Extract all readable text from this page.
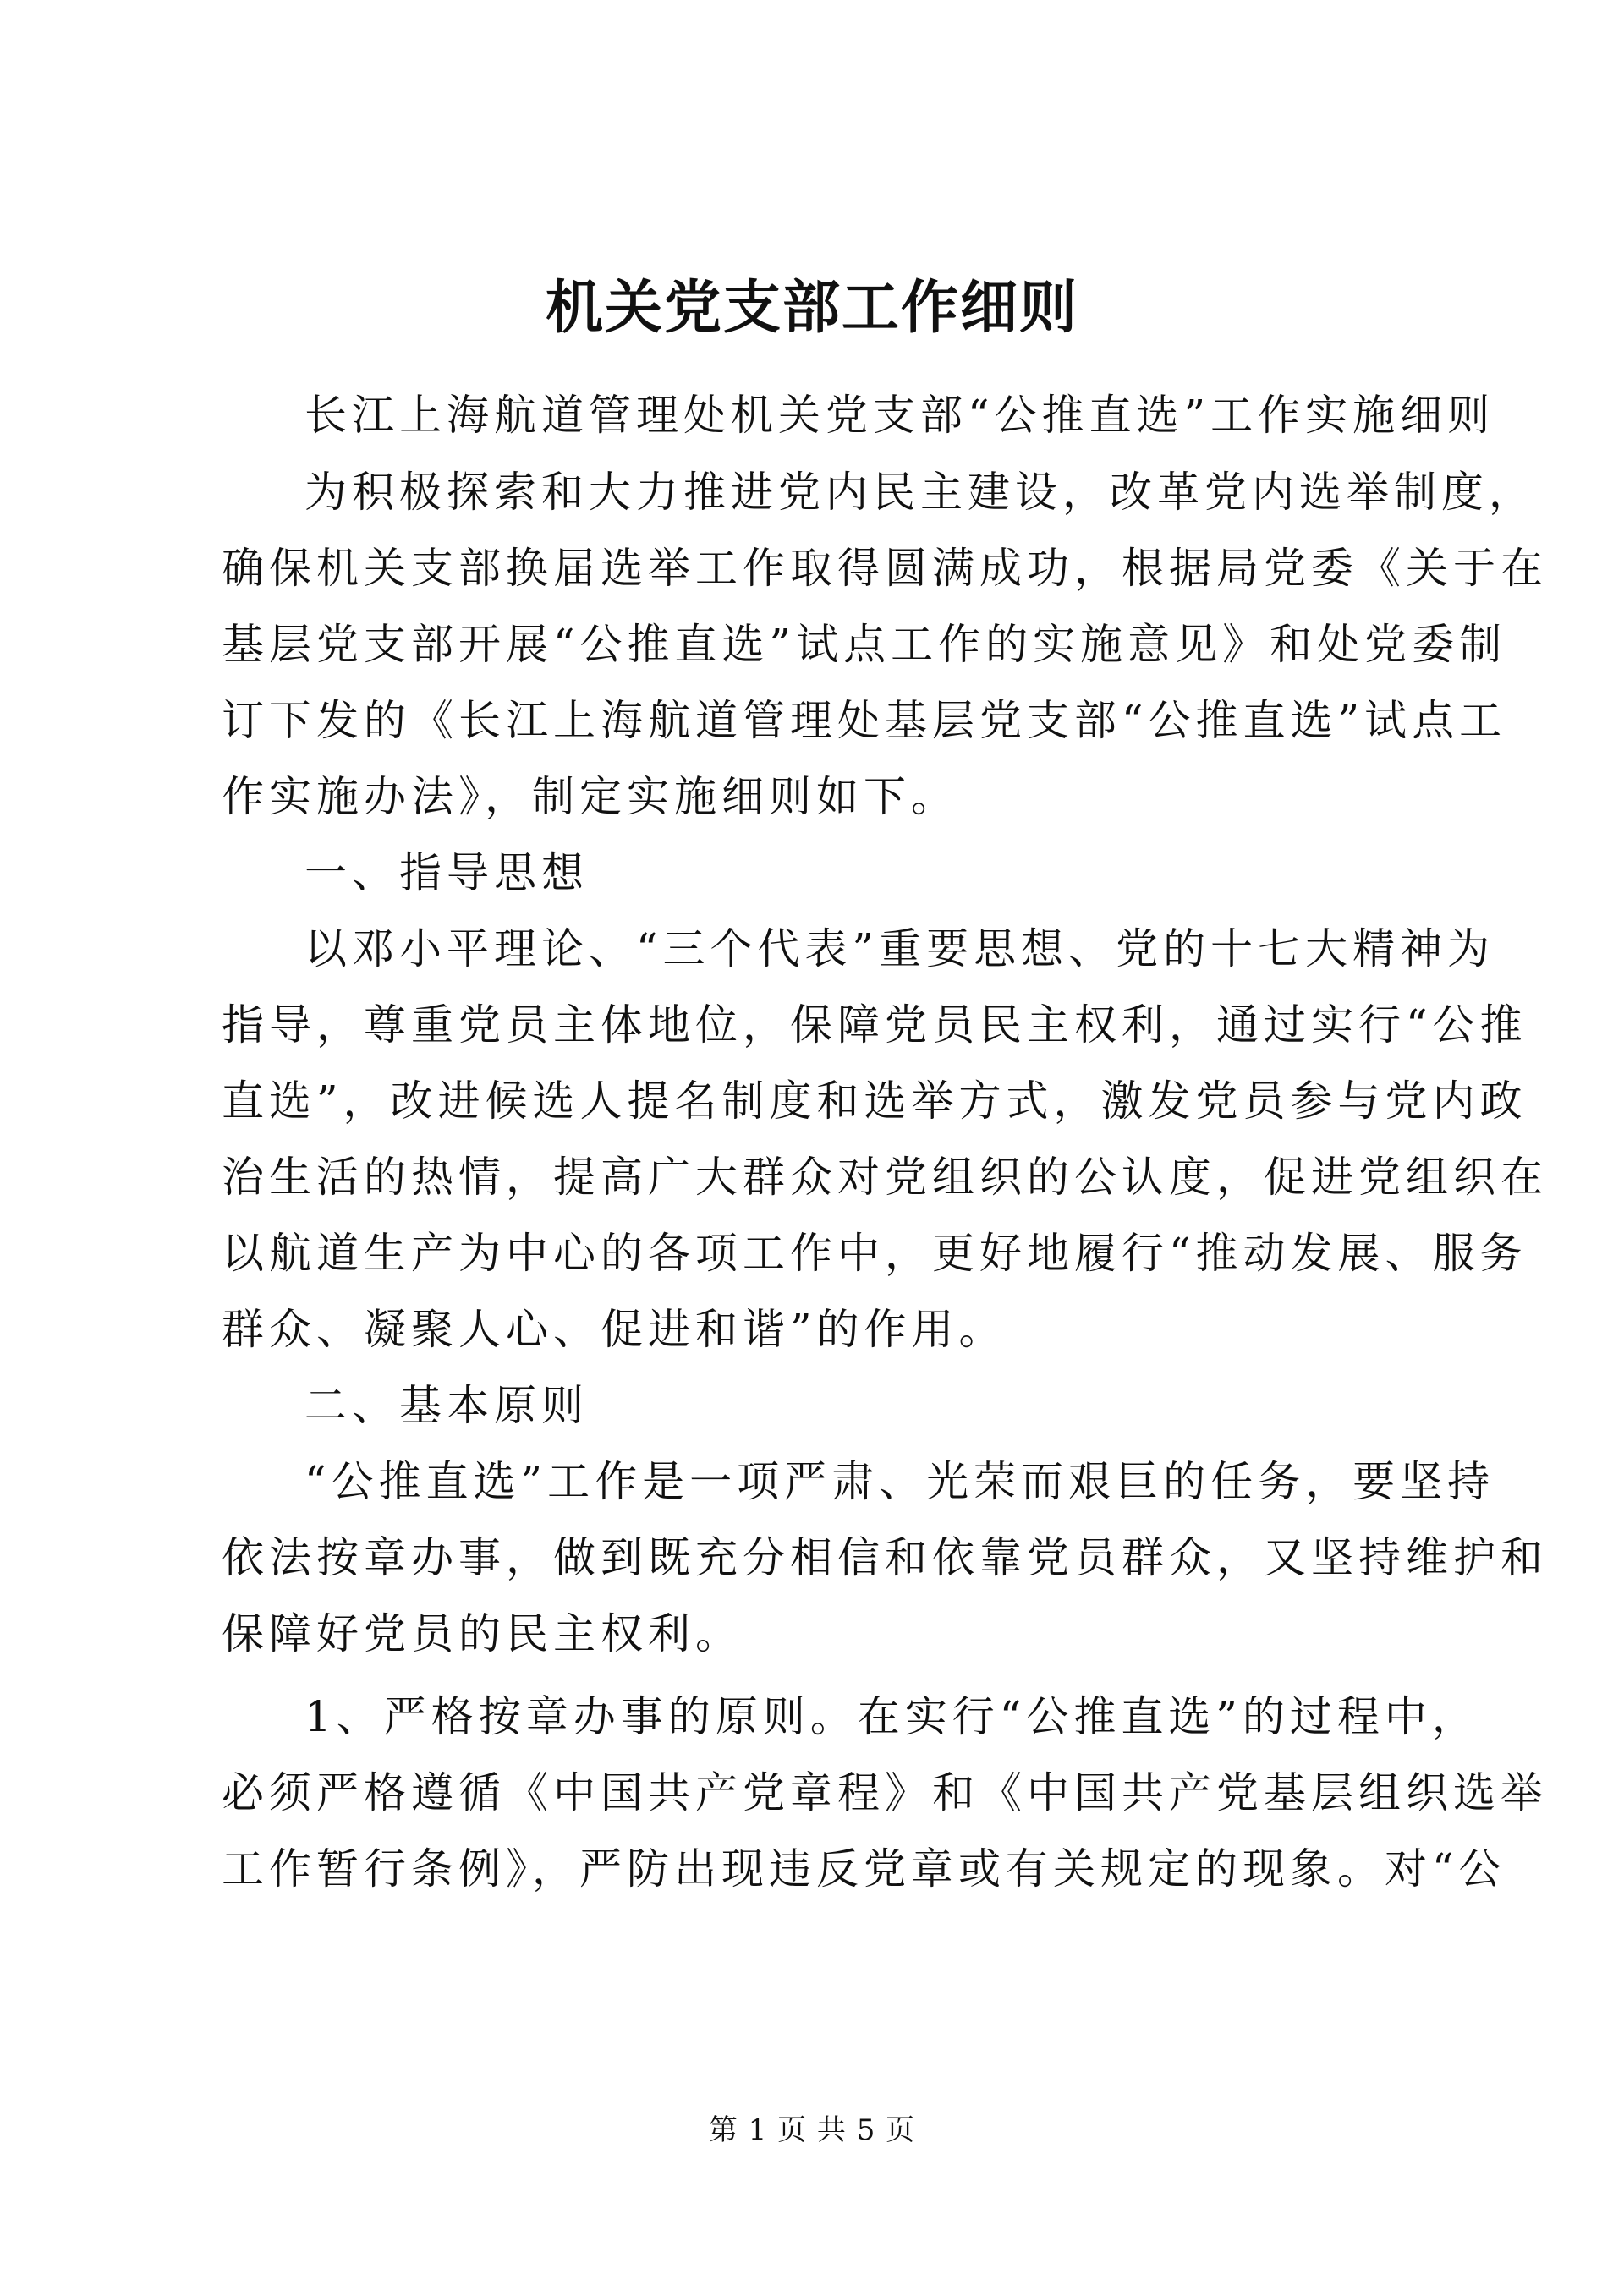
机关党支部工作细则
长江上海航道管理处机关党支部“公推直选”工作实施细则
为积极探索和大力推进党内民主建设，改革党内选举制度，
确保机关支部换届选举工作取得圆满成功，根据局党委《关于在
基层党支部开展“公推直选”试点工作的实施意见》和处党委制
订下发的《长江上海航道管理处基层党支部“公推直选”试点工
作实施办法》，制定实施细则如下。
一、指导思想
以邓小平理论、“三个代表”重要思想、党的十七大精神为
指导，尊重党员主体地位，保障党员民主权利，通过实行“公推
直选”，改进候选人提名制度和选举方式，激发党员参与党内政
治生活的热情，提高广大群众对党组织的公认度，促进党组织在
以航道生产为中心的各项工作中，更好地履行“推动发展、服务
群众、凝聚人心、促进和谐”的作用。
二、基本原则
“公推直选”工作是一项严肃、光荣而艰巨的任务，要坚持
依法按章办事，做到既充分相信和依靠党员群众，又坚持维护和
保障好党员的民主权利。
1、严格按章办事的原则。在实行“公推直选”的过程中，
必须严格遵循《中国共产党章程》和《中国共产党基层组织选举
工作暂行条例》，严防出现违反党章或有关规定的现象。对“公
第 1 页 共 5 页
